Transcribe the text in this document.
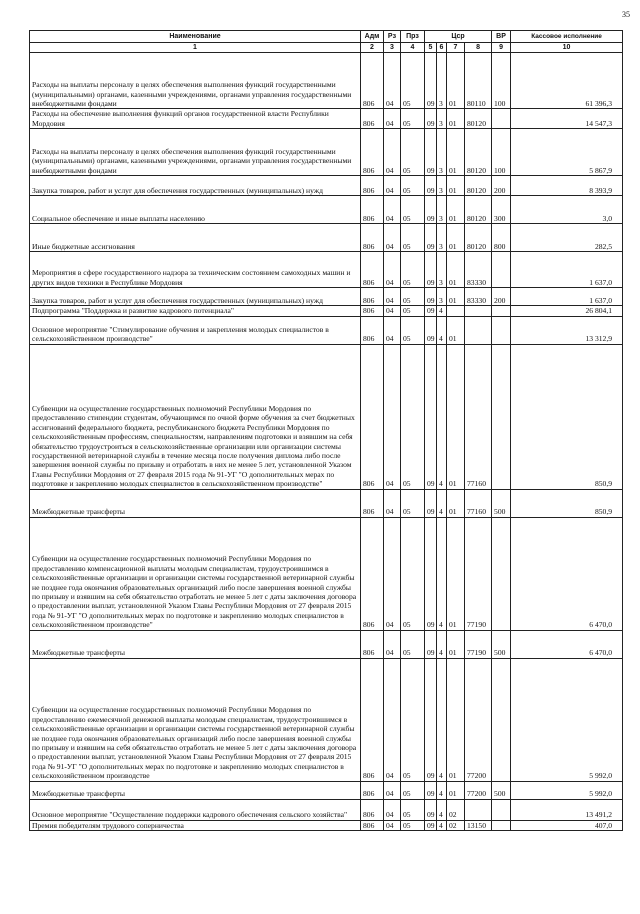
35
Наименование	Адм	Рз	Прз	Цср				ВР	Кассовое исполнение
1	2	3	4	5	6	7	8	9	10
Расходы на выплаты персоналу в целях обеспечения выполнения функций государственными (муниципальными) органами, казенными учреждениями, органами управления государственными внебюджетными фондами	806	04	05	09	3	01	80110	100	61 396,3
Расходы на обеспечение выполнения функций органов государственной власти Республики Мордовия	806	04	05	09	3	01	80120		14 547,3
Расходы на выплаты персоналу в целях обеспечения выполнения функций государственными (муниципальными) органами, казенными учреждениями, органами управления государственными внебюджетными фондами	806	04	05	09	3	01	80120	100	5 867,9
Закупка товаров, работ и услуг для обеспечения государственных (муниципальных) нужд	806	04	05	09	3	01	80120	200	8 393,9
Социальное обеспечение и иные выплаты населению	806	04	05	09	3	01	80120	300	3,0
Иные бюджетные ассигнования	806	04	05	09	3	01	80120	800	282,5
Мероприятия в сфере государственного надзора за техническим состоянием самоходных машин и других видов техники в Республике Мордовия	806	04	05	09	3	01	83330		1 637,0
Закупка товаров, работ и услуг для обеспечения государственных (муниципальных) нужд	806	04	05	09	3	01	83330	200	1 637,0
Подпрограмма "Поддержка и развитие кадрового потенциала"	806	04	05	09	4				26 804,1
Основное мероприятие "Стимулирование обучения и закрепления молодых специалистов в сельскохозяйственном производстве"	806	04	05	09	4	01			13 312,9
Субвенции на осуществление государственных полномочий Республики Мордовия по предоставлению стипендии студентам, обучающимся по очной форме обучения за счет бюджетных ассигнований федерального бюджета, республиканского бюджета Республики Мордовия по сельскохозяйственным профессиям, специальностям, направлениям подготовки и взявшим на себя обязательство трудоустроиться в сельскохозяйственные организации или организации системы государственной ветеринарной службы в течение месяца после получения диплома либо после завершения военной службы по призыву и отработать в них не менее 5 лет, установленной Указом Главы Республики Мордовия от 27 февраля 2015 года № 91-УГ "О дополнительных мерах по подготовке и закреплению молодых специалистов в сельскохозяйственном производстве"	806	04	05	09	4	01	77160		850,9
Межбюджетные трансферты	806	04	05	09	4	01	77160	500	850,9
Субвенции на осуществление государственных полномочий Республики Мордовия по предоставлению компенсационной выплаты молодым специалистам, трудоустроившимся в сельскохозяйственные организации и организации системы государственной ветеринарной службы не позднее года окончания образовательных организаций либо после завершения военной службы по призыву и взявшим на себя обязательство отработать не менее 5 лет с даты заключения договора о предоставлении выплат, установленной Указом Главы Республики Мордовия от 27 февраля 2015 года № 91-УГ "О дополнительных мерах по подготовке и закреплению молодых специалистов в сельскохозяйственном производстве"	806	04	05	09	4	01	77190		6 470,0
Межбюджетные трансферты	806	04	05	09	4	01	77190	500	6 470,0
Субвенции на осуществление государственных полномочий Республики Мордовия по предоставлению ежемесячной денежной выплаты молодым специалистам, трудоустроившимся в сельскохозяйственные организации и организации системы государственной ветеринарной службы не позднее года окончания образовательных организаций либо после завершения военной службы по призыву и взявшим на себя обязательство отработать не менее 5 лет с даты заключения договора о предоставлении выплат, установленной Указом Главы Республики Мордовия от 27 февраля 2015 года № 91-УГ "О дополнительных мерах по подготовке и закреплению молодых специалистов в сельскохозяйственном производстве	806	04	05	09	4	01	77200		5 992,0
Межбюджетные трансферты	806	04	05	09	4	01	77200	500	5 992,0
Основное мероприятие "Осуществление поддержки кадрового обеспечения сельского хозяйства"	806	04	05	09	4	02			13 491,2
Премия победителям трудового соперничества	806	04	05	09	4	02	13150		407,0
